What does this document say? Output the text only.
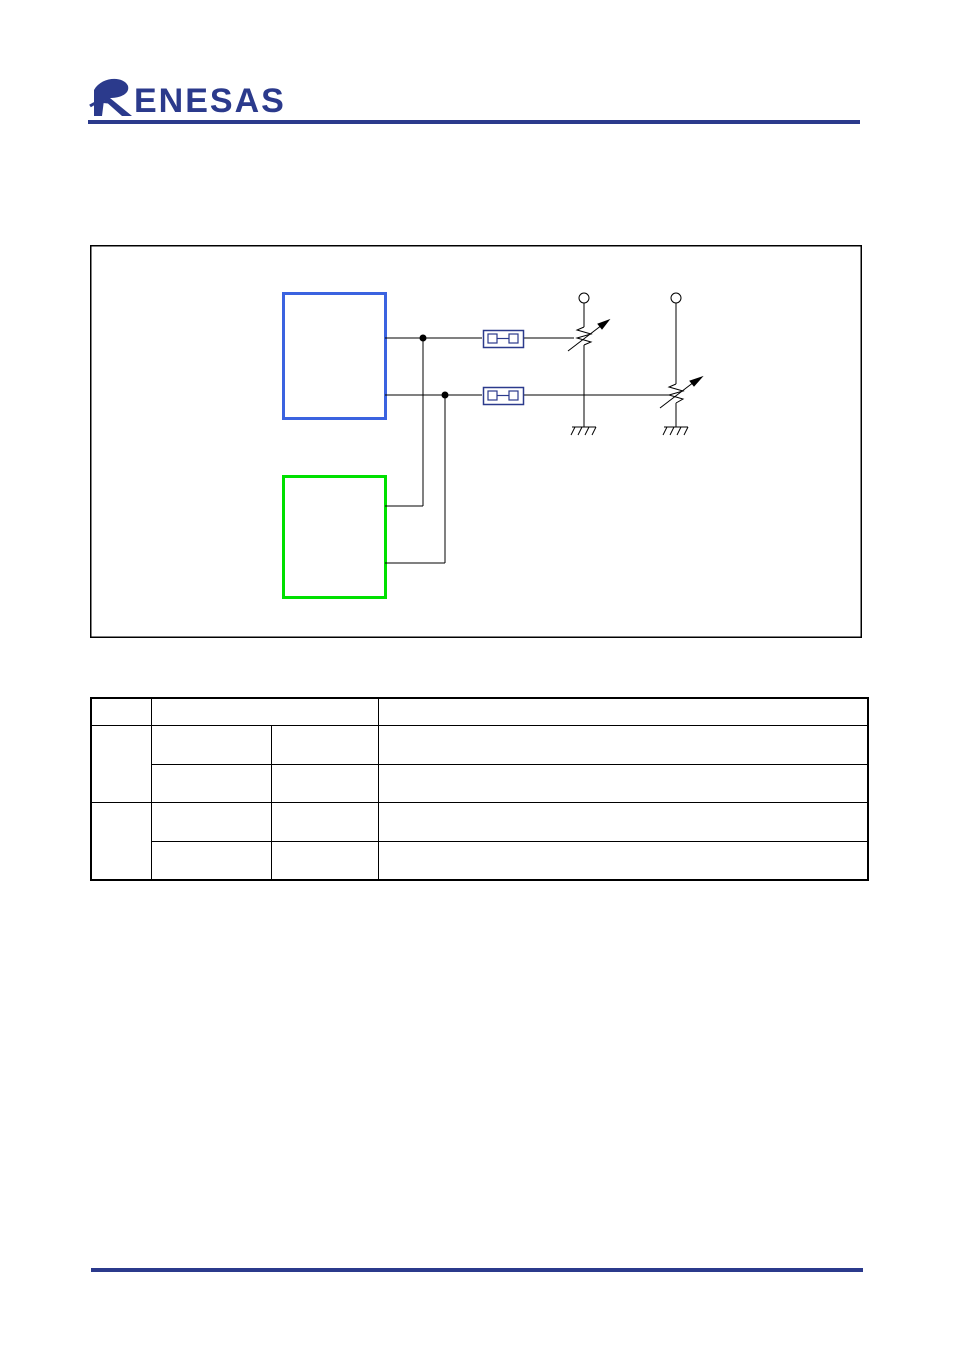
ENESAS
